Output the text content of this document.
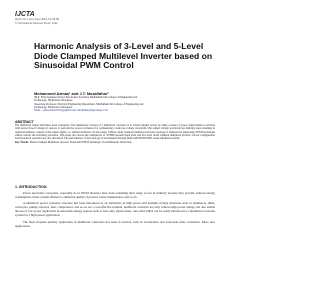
IJCTA
9(14), No 1, Dec-June 2016, Pp 86-98
© International Sciences Press, India
Harmonic Analysis of 3-Level and 5-Level Diode Clamped Multilevel Inverter based on Sinusoidal PWM Control
Mohammed Azmas¹ and J.T. Muzafidhar²
¹M.E. Final Semester (Power Electronics Systems), Muffakham Jah College of Engineering and
Technology, Hyderabad, Telangana.
²Associate Professor, Electrical Engineering Department, Muffakham Jah College of Engineering and
Technology, Hyderabad, Telangana.
Email – azmas.mohd7476@gmail.com, ²mzafidhar@mjcollege.ac.in
ABSTRACT
The multilevel began with three level converters. The elementary concept of a multilevel converter is to achieve higher power by using a series of power semiconductor switches with several lower voltage dc sources to perform the power conversion by synthesizing a staircase voltage waveform. The output voltage waveform has multiple steps resulting in reduced harmonic content of the output signal, i.e. smaller harmonic. In this paper, 3-Phase diode clamped multilevel inverter topology is analyzed by employing SPWM technique which controls the switching operation. This paper also shows the comparison of %THD between three level and five level diode clamped multilevel inverter. Circuit configuration and theoretical operation are also discussed. The performance of the topology is investigated through MATLAB/SIMULINK based simulation results.
Key Words: Diode Clamped Multilevel Inverter, Sinusoidal PWM Technique, Total Harmonic Distortion.
1. INTRODUCTION

Power electronic converters, especially dc/ac PWM inverters have been extending their range of use in industry because they provide reduced energy consumption, better system efficiency, enhanced quality of product, better maintenance, and so on.

A multilevel power converter structure has been introduced as an alternative in high power and medium voltage situations such as laminators, mills, conveyors, pumps, blowers, fans, compressors, and so on. As a cost-effective solution, multilevel converter not only achieve high power ratings, but also enable the use of low power application in renewable energy sources such as fuel cells, photovoltaic, and wind which can be easily interfaced to a multilevel converter system for a high power application.

The most frequent primary application of multilevel converters has been in traction, both in locomotives and track-side static converters. More new applications
